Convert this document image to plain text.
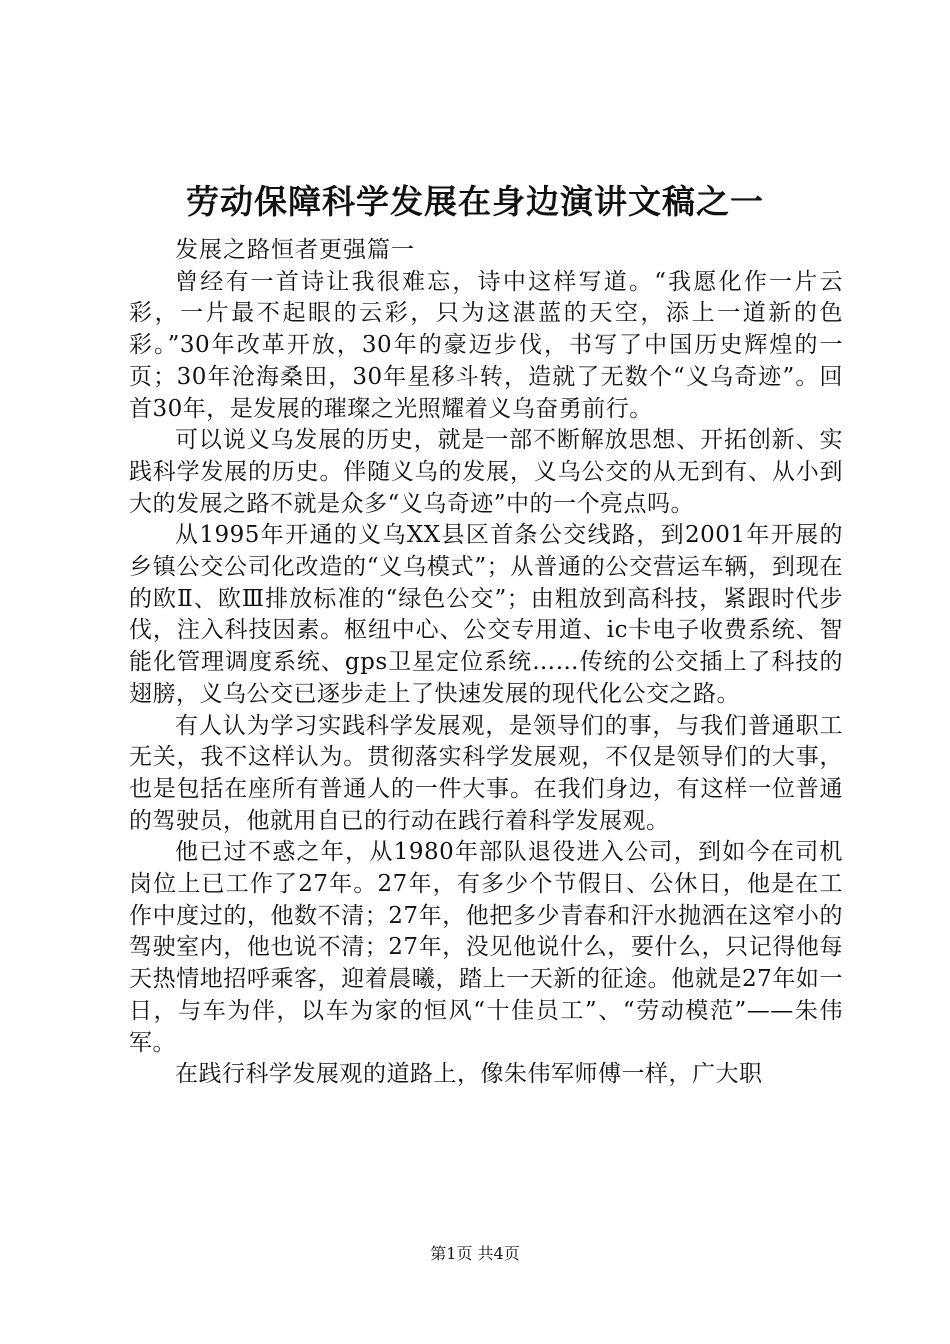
劳动保障科学发展在身边演讲文稿之一

发展之路恒者更强篇一

曾经有一首诗让我很难忘，诗中这样写道。“我愿化作一片云彩，一片最不起眼的云彩，只为这湛蓝的天空，添上一道新的色彩。”30年改革开放，30年的豪迈步伐，书写了中国历史辉煌的一页；30年沧海桑田，30年星移斗转，造就了无数个“义乌奇迹”。回首30年，是发展的璀璨之光照耀着义乌奋勇前行。

可以说义乌发展的历史，就是一部不断解放思想、开拓创新、实践科学发展的历史。伴随义乌的发展，义乌公交的从无到有、从小到大的发展之路不就是众多“义乌奇迹”中的一个亮点吗。

从1995年开通的义乌XX县区首条公交线路，到2001年开展的乡镇公交公司化改造的“义乌模式”；从普通的公交营运车辆，到现在的欧Ⅱ、欧Ⅲ排放标准的“绿色公交”；由粗放到高科技，紧跟时代步伐，注入科技因素。枢纽中心、公交专用道、ic卡电子收费系统、智能化管理调度系统、gps卫星定位系统……传统的公交插上了科技的翅膀，义乌公交已逐步走上了快速发展的现代化公交之路。

有人认为学习实践科学发展观，是领导们的事，与我们普通职工无关，我不这样认为。贯彻落实科学发展观，不仅是领导们的大事，也是包括在座所有普通人的一件大事。在我们身边，有这样一位普通的驾驶员，他就用自已的行动在践行着科学发展观。

他已过不惑之年，从1980年部队退役进入公司，到如今在司机岗位上已工作了27年。27年，有多少个节假日、公休日，他是在工作中度过的，他数不清；27年，他把多少青春和汗水抛洒在这窄小的驾驶室内，他也说不清；27年，没见他说什么，要什么，只记得他每天热情地招呼乘客，迎着晨曦，踏上一天新的征途。他就是27年如一日，与车为伴，以车为家的恒风“十佳员工”、“劳动模范”——朱伟军。

在践行科学发展观的道路上，像朱伟军师傅一样，广大职

第1页 共4页
